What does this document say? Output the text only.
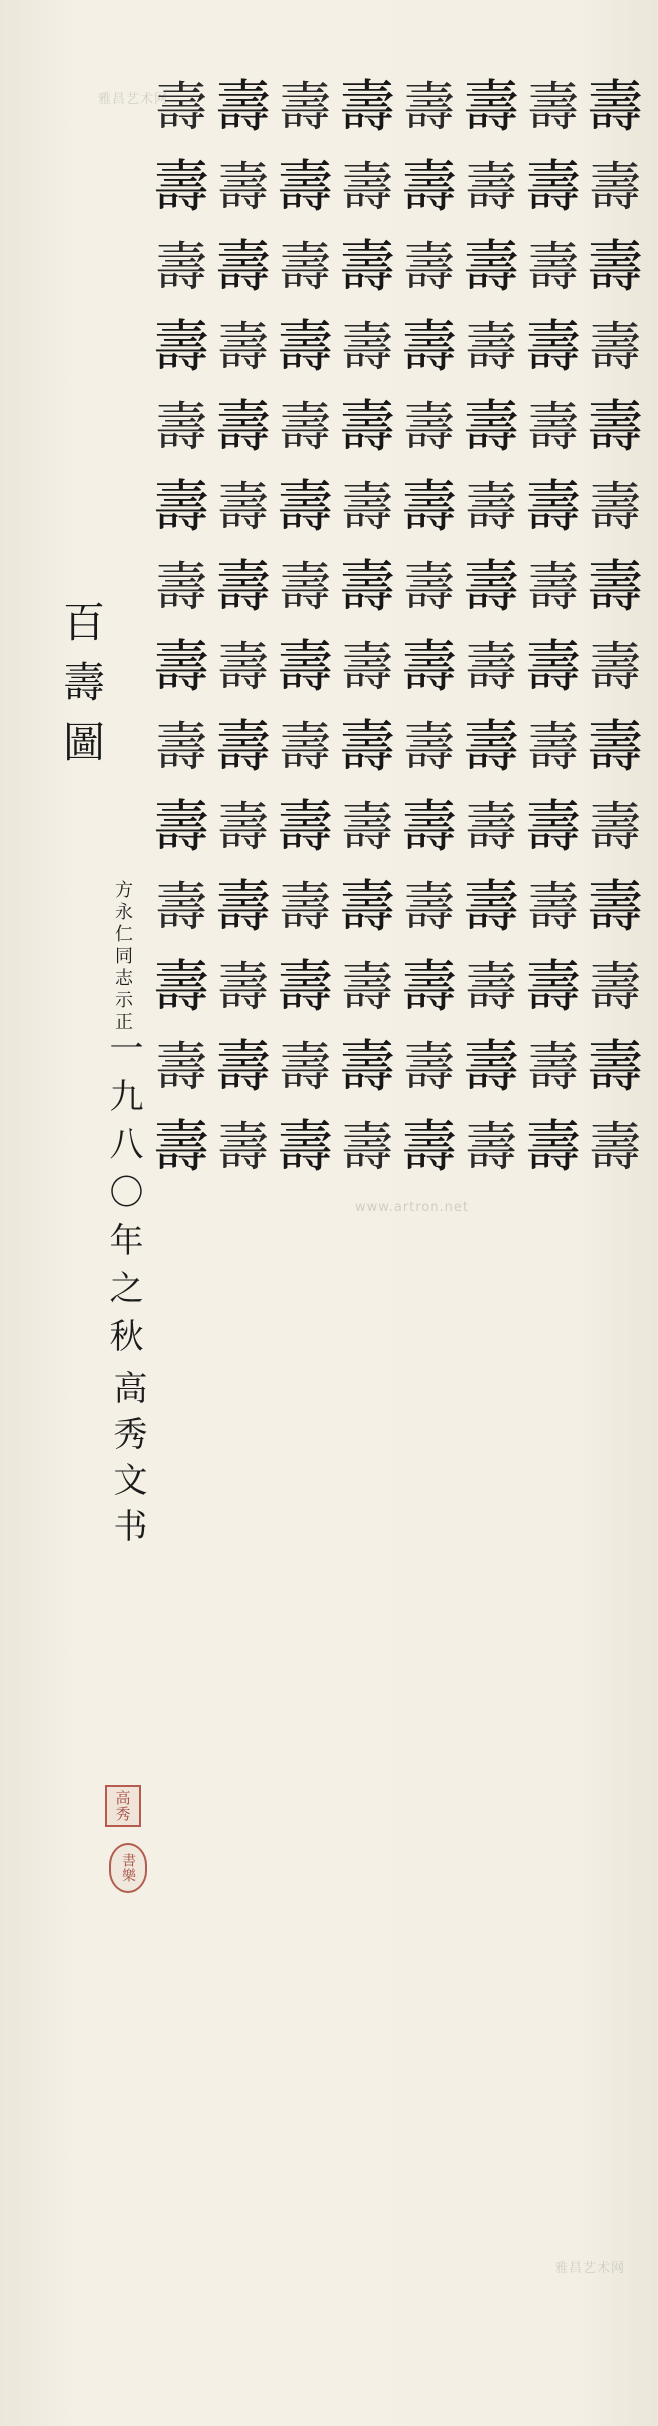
雅昌艺术网
www.artron.net
雅昌艺术网
壽
壽
壽
壽
壽
壽
壽
壽
壽
壽
壽
壽
壽
壽
壽
壽
壽
壽
壽
壽
壽
壽
壽
壽
壽
壽
壽
壽
壽
壽
壽
壽
壽
壽
壽
壽
壽
壽
壽
壽
壽
壽
壽
壽
壽
壽
壽
壽
壽
壽
壽
壽
壽
壽
壽
壽
壽
壽
壽
壽
壽
壽
壽
壽
壽
壽
壽
壽
壽
壽
壽
壽
壽
壽
壽
壽
壽
壽
壽
壽
壽
壽
壽
壽
壽
壽
壽
壽
壽
壽
壽
壽
壽
壽
壽
壽
壽
壽
壽
壽
壽
壽
壽
壽
壽
壽
壽
壽
壽
壽
壽
壽
百壽圖
方永仁同志示正
一九八〇年之秋
高秀文书
高秀
書樂
